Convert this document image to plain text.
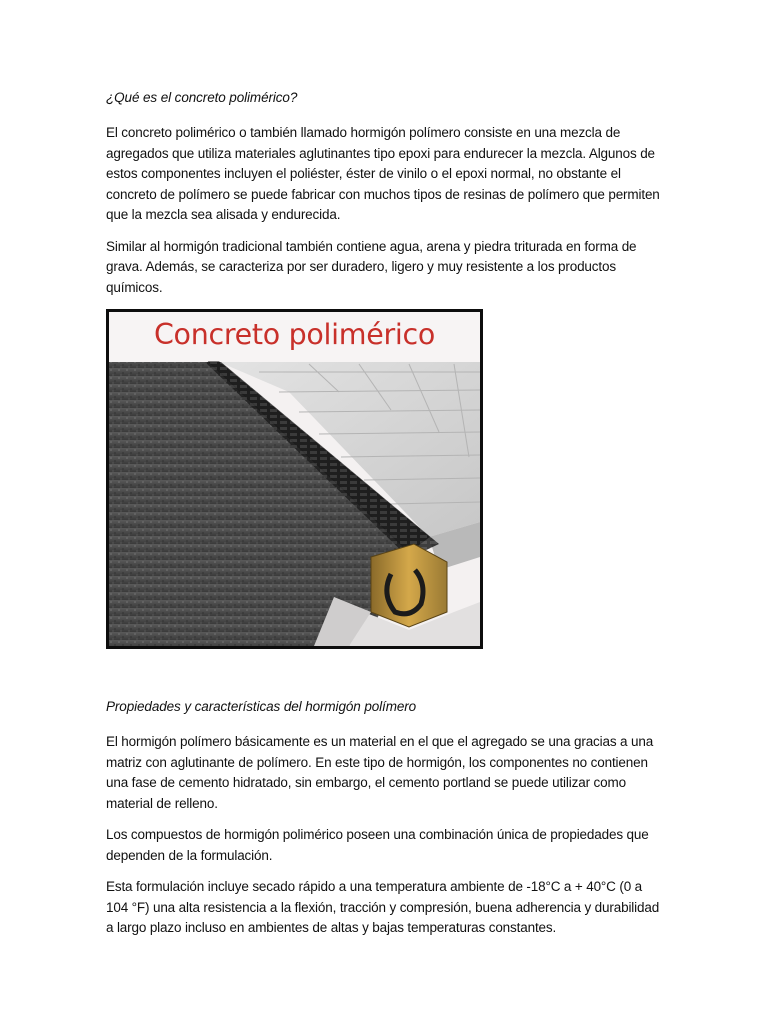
¿Qué es el concreto polimérico?

El concreto polimérico o también llamado hormigón polímero consiste en una mezcla de agregados que utiliza materiales aglutinantes tipo epoxi para endurecer la mezcla. Algunos de estos componentes incluyen el poliéster, éster de vinilo o el epoxi normal, no obstante el concreto de polímero se puede fabricar con muchos tipos de resinas de polímero que permiten que la mezcla sea alisada y endurecida.

Similar al hormigón tradicional también contiene agua, arena y piedra triturada en forma de grava. Además, se caracteriza por ser duradero, ligero y muy resistente a los productos químicos.

Concreto polimérico
Propiedades y características del hormigón polímero

El hormigón polímero básicamente es un material en el que el agregado se una gracias a una matriz con aglutinante de polímero. En este tipo de hormigón, los componentes no contienen una fase de cemento hidratado, sin embargo, el cemento portland se puede utilizar como material de relleno.

Los compuestos de hormigón polimérico poseen una combinación única de propiedades que dependen de la formulación.

Esta formulación incluye secado rápido a una temperatura ambiente de -18°C a + 40°C (0 a 104 °F) una alta resistencia a la flexión, tracción y compresión, buena adherencia y durabilidad a largo plazo incluso en ambientes de altas y bajas temperaturas constantes.
